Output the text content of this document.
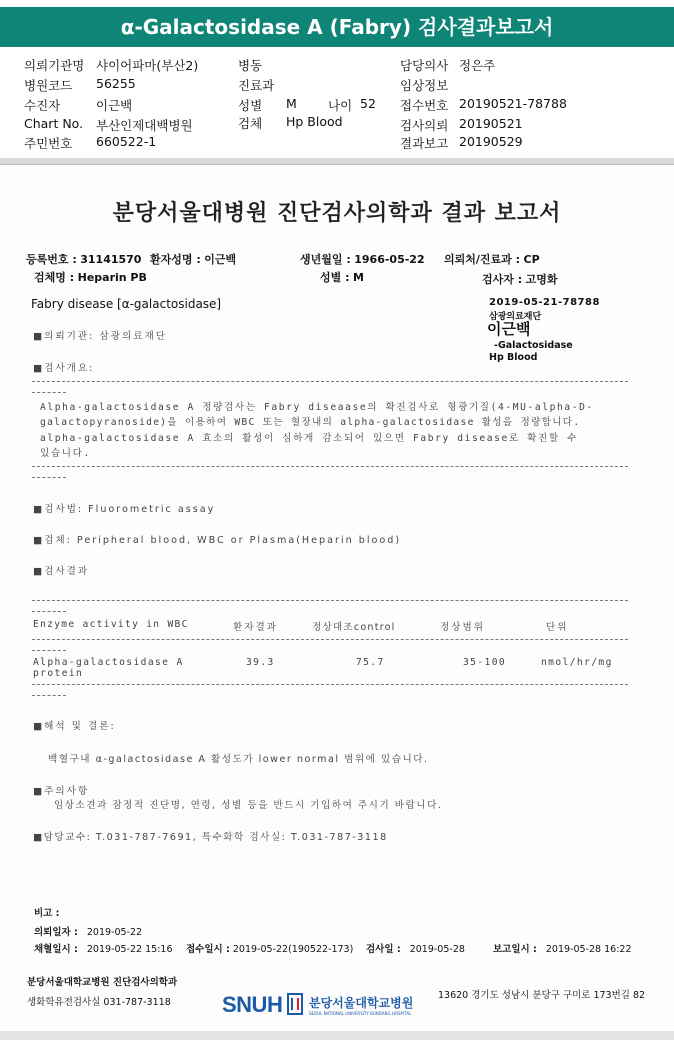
α-Galactosidase A (Fabry) 검사결과보고서
의뢰기관명 샤이어파마(부산2)
병원코드 56255
수진자	이근백
Chart No. 부산인제대백병원
주민번호 660522-1
병동
진료과
성별 M 나이 52
검체 Hp Blood
담당의사 정은주
임상정보
접수번호 20190521-78788
검사의뢰 20190521
결과보고 20190529
분당서울대병원 진단검사의학과 결과 보고서
등록번호 : 31141570 환자성명 : 이근백	생년월일 : 1966-05-22 의뢰처/진료과 : CP
검체명 : Heparin PB	성별 : M	검사자 : 고명화
Fabry disease [α-galactosidase]	2019-05-21-78788
삼광의료재단
이근백
-Galactosidase
Hp Blood
■의뢰기관: 삼광의료재단
■검사개요:
Alpha-galactosidase A 정량검사는 Fabry diseaase의 확진검사로 형광기질(4-MU-alpha-D-
galactopyranoside)을 이용하여 WBC 또는 혈장내의 alpha-galactosidase 활성을 정량합니다.
alpha-galactosidase A 효소의 활성이 심하게 감소되어 있으면 Fabry disease로 확진할 수
있습니다.
■검사법: Fluorometric assay
■검체: Peripheral blood, WBC or Plasma(Heparin blood)
■검사결과
Enzyme activity in WBC	환자결과	정상대조control	정상범위	단위
Alpha-galactosidase A
protein
39.3	75.7	35-100	nmol/hr/mg
■해석 및 결론:
백혈구내 α-galactosidase A 활성도가 lower normal 범위에 있습니다.
■주의사항
임상소견과 잠정적 진단명, 연령, 성별 등을 반드시 기입하여 주시기 바랍니다.
■담당교수: T.031-787-7691, 특수화학 검사실: T.031-787-3118
비고 :
의뢰일자 : 2019-05-22
채혈일시 : 2019-05-22 15:16 접수일시 : 2019-05-22(190522-173) 검사일 : 2019-05-28	보고일시 : 2019-05-28 16:22
분당서울대학교병원 진단검사의학과
생화학유전검사실 031-787-3118 SNUH 분당서울대학교병원
SEOUL NATIONAL UNIVERSITY BUNDANG HOSPITAL
13620 경기도 성남시 분당구 구미로 173번길 82
